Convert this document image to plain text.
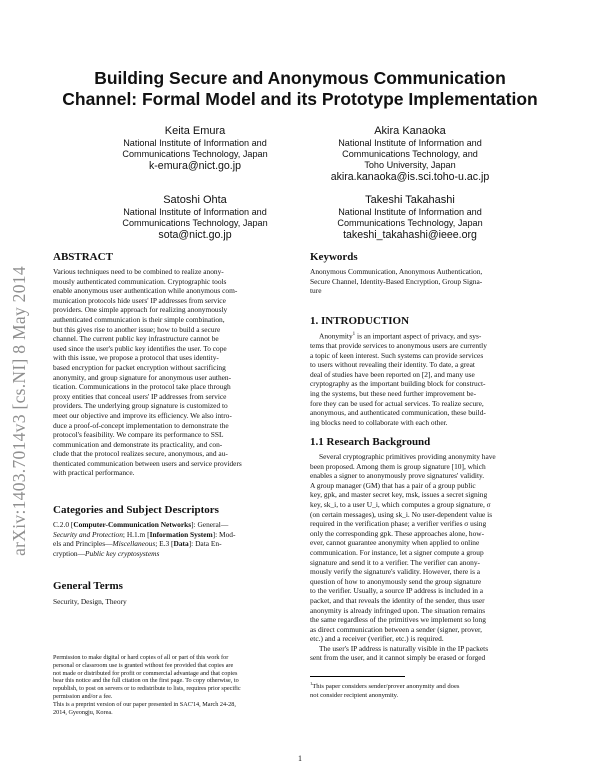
arXiv:1403.7014v3 [cs.NI] 8 May 2014
Building Secure and Anonymous Communication
Channel: Formal Model and its Prototype Implementation
Keita Emura
National Institute of Information and
Communications Technology, Japan
k-emura@nict.go.jp
Akira Kanaoka
National Institute of Information and
Communications Technology, and
Toho University, Japan
akira.kanaoka@is.sci.toho-u.ac.jp
Satoshi Ohta
National Institute of Information and
Communications Technology, Japan
sota@nict.go.jp
Takeshi Takahashi
National Institute of Information and
Communications Technology, Japan
takeshi_takahashi@ieee.org
ABSTRACT
Various techniques need to be combined to realize anony-
mously authenticated communication. Cryptographic tools
enable anonymous user authentication while anonymous com-
munication protocols hide users' IP addresses from service
providers. One simple approach for realizing anonymously
authenticated communication is their simple combination,
but this gives rise to another issue; how to build a secure
channel. The current public key infrastructure cannot be
used since the user's public key identifies the user. To cope
with this issue, we propose a protocol that uses identity-
based encryption for packet encryption without sacrificing
anonymity, and group signature for anonymous user authen-
tication. Communications in the protocol take place through
proxy entities that conceal users' IP addresses from service
providers. The underlying group signature is customized to
meet our objective and improve its efficiency. We also intro-
duce a proof-of-concept implementation to demonstrate the
protocol's feasibility. We compare its performance to SSL
communication and demonstrate its practicality, and con-
clude that the protocol realizes secure, anonymous, and au-
thenticated communication between users and service providers
with practical performance.
Categories and Subject Descriptors
C.2.0 [Computer-Communication Networks]: General—
Security and Protection; H.1.m [Information System]: Mod-
els and Principles—Miscellaneous; E.3 [Data]: Data En-
cryption—Public key cryptosystems
General Terms
Security, Design, Theory
Permission to make digital or hard copies of all or part of this work for
personal or classroom use is granted without fee provided that copies are
not made or distributed for profit or commercial advantage and that copies
bear this notice and the full citation on the first page. To copy otherwise, to
republish, to post on servers or to redistribute to lists, requires prior specific
permission and/or a fee.
This is a preprint version of our paper presented in SAC'14, March 24-28,
2014, Gyeongju, Korea.
Keywords
Anonymous Communication, Anonymous Authentication,
Secure Channel, Identity-Based Encryption, Group Signa-
ture
1. INTRODUCTION
Anonymity$^1$ is an important aspect of privacy, and sys-
tems that provide services to anonymous users are currently
a topic of keen interest. Such systems can provide services
to users without revealing their identity. To date, a great
deal of studies have been reported on [2], and many use
cryptography as the important building block for construct-
ing the systems, but these need further improvement be-
fore they can be used for actual services. To realize secure,
anonymous, and authenticated communication, these build-
ing blocks need to collaborate with each other.
1.1 Research Background
Several cryptographic primitives providing anonymity have
been proposed. Among them is group signature [10], which
enables a signer to anonymously prove signatures' validity.
A group manager (GM) that has a pair of a group public
key, gpk, and master secret key, msk, issues a secret signing
key, sk_i, to a user U_i, which computes a group signature, σ
(on certain messages), using sk_i. No user-dependent value is
required in the verification phase; a verifier verifies σ using
only the corresponding gpk. These approaches alone, how-
ever, cannot guarantee anonymity when applied to online
communication. For instance, let a signer compute a group
signature and send it to a verifier. The verifier can anony-
mously verify the signature's validity. However, there is a
question of how to anonymously send the group signature
to the verifier. Usually, a source IP address is included in a
packet, and that reveals the identity of the sender, thus user
anonymity is already infringed upon. The situation remains
the same regardless of the primitives we implement so long
as direct communication between a sender (signer, prover,
etc.) and a receiver (verifier, etc.) is required.
The user's IP address is naturally visible in the IP packets
sent from the user, and it cannot simply be erased or forged
$^1$This paper considers sender/prover anonymity and does
not consider recipient anonymity.
1
